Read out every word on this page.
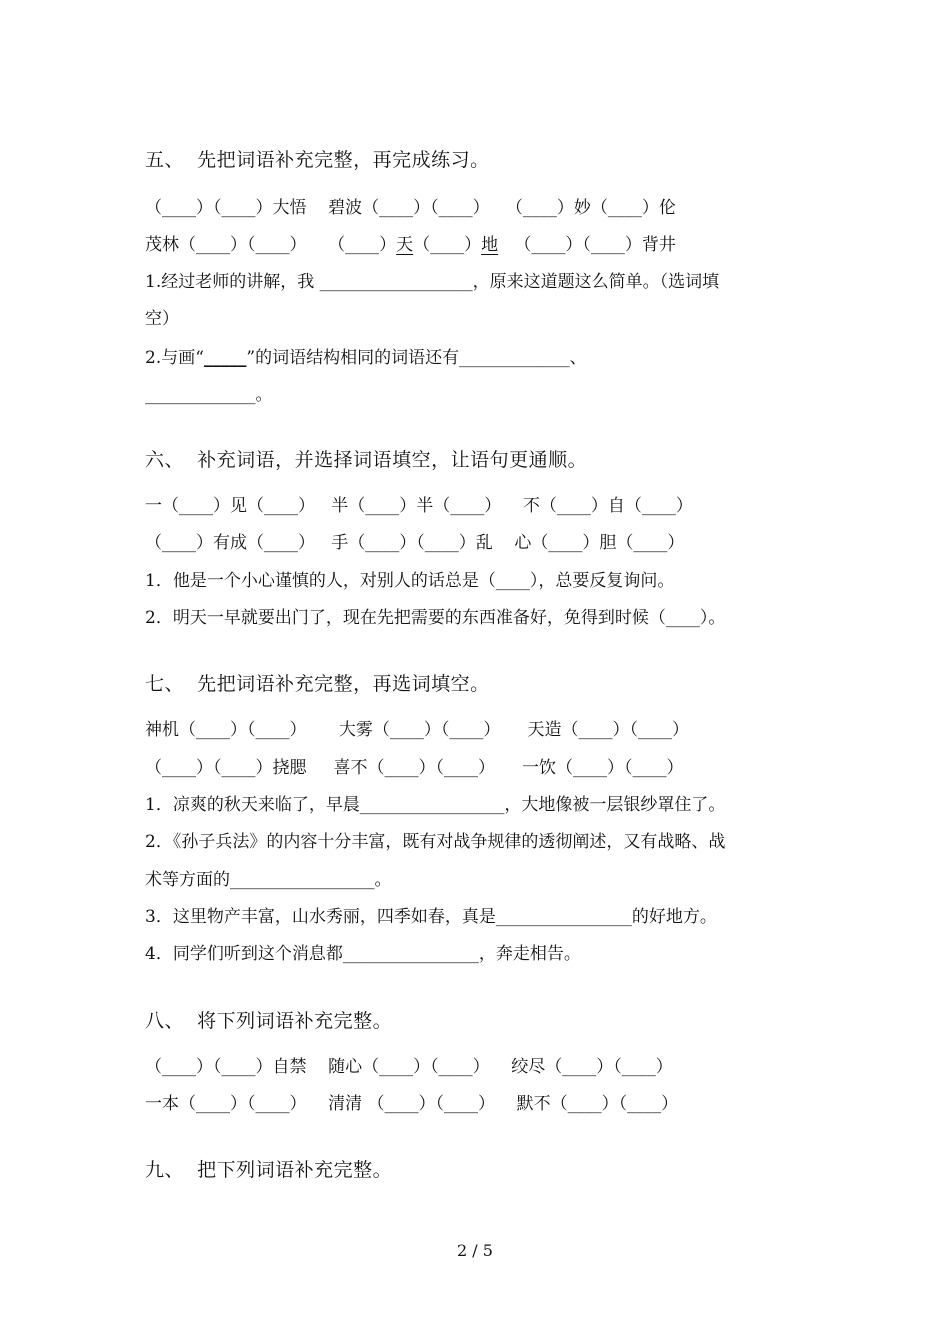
五、  先把词语补充完整，再完成练习。
（____）（____）大悟    碧波（____）（____）   （____）妙（____）伦
茂林（____）（____）    （____）天（____）地   （____）（____）背井
1.经过老师的讲解，我 __________________，原来这道题这么简单。（选词填
空）
2.与画“_____”的词语结构相同的词语还有_____________、
_____________。
六、  补充词语，并选择词语填空，让语句更通顺。
一（____）见（____）   半（____）半（____）    不（____）自（____）
（____）有成（____）   手（____）（____）乱    心（____）胆（____）
1．他是一个小心谨慎的人，对别人的话总是（____），总要反复询问。
2．明天一早就要出门了，现在先把需要的东西准备好，免得到时候（____）。
七、  先把词语补充完整，再选词填空。
神机（____）（____）      大雾（____）（____）     天造（____）（____）
（____）（____）挠腮     喜不（____）（____）     一饮（____）（____）
1．凉爽的秋天来临了，早晨_________________，大地像被一层银纱罩住了。
2．《孙子兵法》的内容十分丰富，既有对战争规律的透彻阐述，又有战略、战
术等方面的_________________。
3．这里物产丰富，山水秀丽，四季如春，真是________________的好地方。
4．同学们听到这个消息都________________，奔走相告。
八、  将下列词语补充完整。
（____）（____）自禁    随心（____）（____）    绞尽（____）（____）
一本（____）（____）    清清 （____）（____）    默不（____）（____）
九、  把下列词语补充完整。
2 / 5
